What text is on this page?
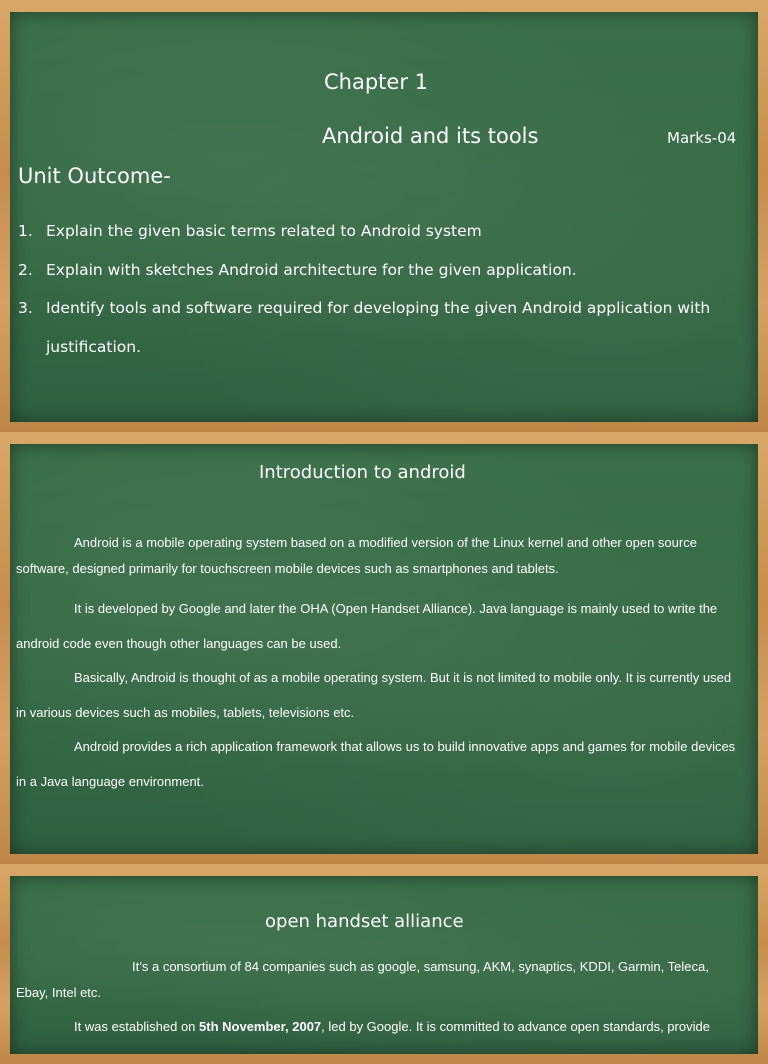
Chapter 1
Android and its tools	Marks-04
Unit Outcome-
1. Explain the given basic terms related to Android system
2. Explain with sketches Android architecture for the given application.
3. Identify tools and software required for developing the given Android application with justification.
Introduction to android

Android is a mobile operating system based on a modified version of the Linux kernel and other open source software, designed primarily for touchscreen mobile devices such as smartphones and tablets.

It is developed by Google and later the OHA (Open Handset Alliance). Java language is mainly used to write the android code even though other languages can be used.

Basically, Android is thought of as a mobile operating system. But it is not limited to mobile only. It is currently used in various devices such as mobiles, tablets, televisions etc.

Android provides a rich application framework that allows us to build innovative apps and games for mobile devices in a Java language environment.

open handset alliance

It’s a consortium of 84 companies such as google, samsung, AKM, synaptics, KDDI, Garmin, Teleca, Ebay, Intel etc.

It was established on 5th November, 2007, led by Google. It is committed to advance open standards, provide
